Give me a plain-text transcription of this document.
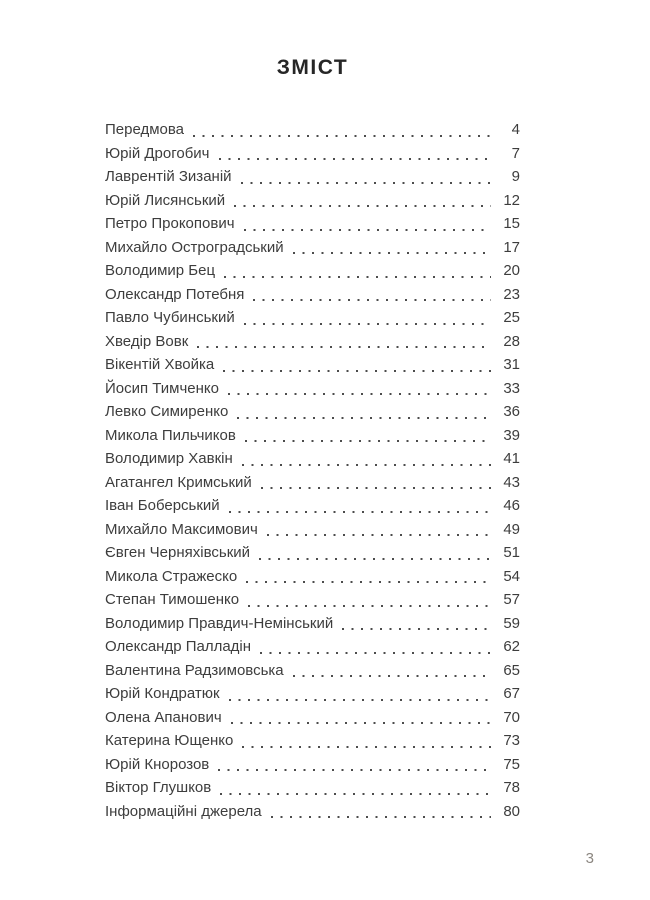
ЗМІСТ
Передмова	4
Юрій Дрогобич	7
Лаврентій Зизаній	9
Юрій Лисянський	12
Петро Прокопович	15
Михайло Остроградський	17
Володимир Бец	20
Олександр Потебня	23
Павло Чубинський	25
Хведір Вовк	28
Вікентій Хвойка	31
Йосип Тимченко	33
Левко Симиренко	36
Микола Пильчиков	39
Володимир Хавкін	41
Агатангел Кримський	43
Іван Боберський	46
Михайло Максимович	49
Євген Черняхівський	51
Микола Стражеско	54
Степан Тимошенко	57
Володимир Правдич-Немінський	59
Олександр Палладін	62
Валентина Радзимовська	65
Юрій Кондратюк	67
Олена Апанович	70
Катерина Ющенко	73
Юрій Кнорозов	75
Віктор Глушков	78
Інформаційні джерела	80
3
